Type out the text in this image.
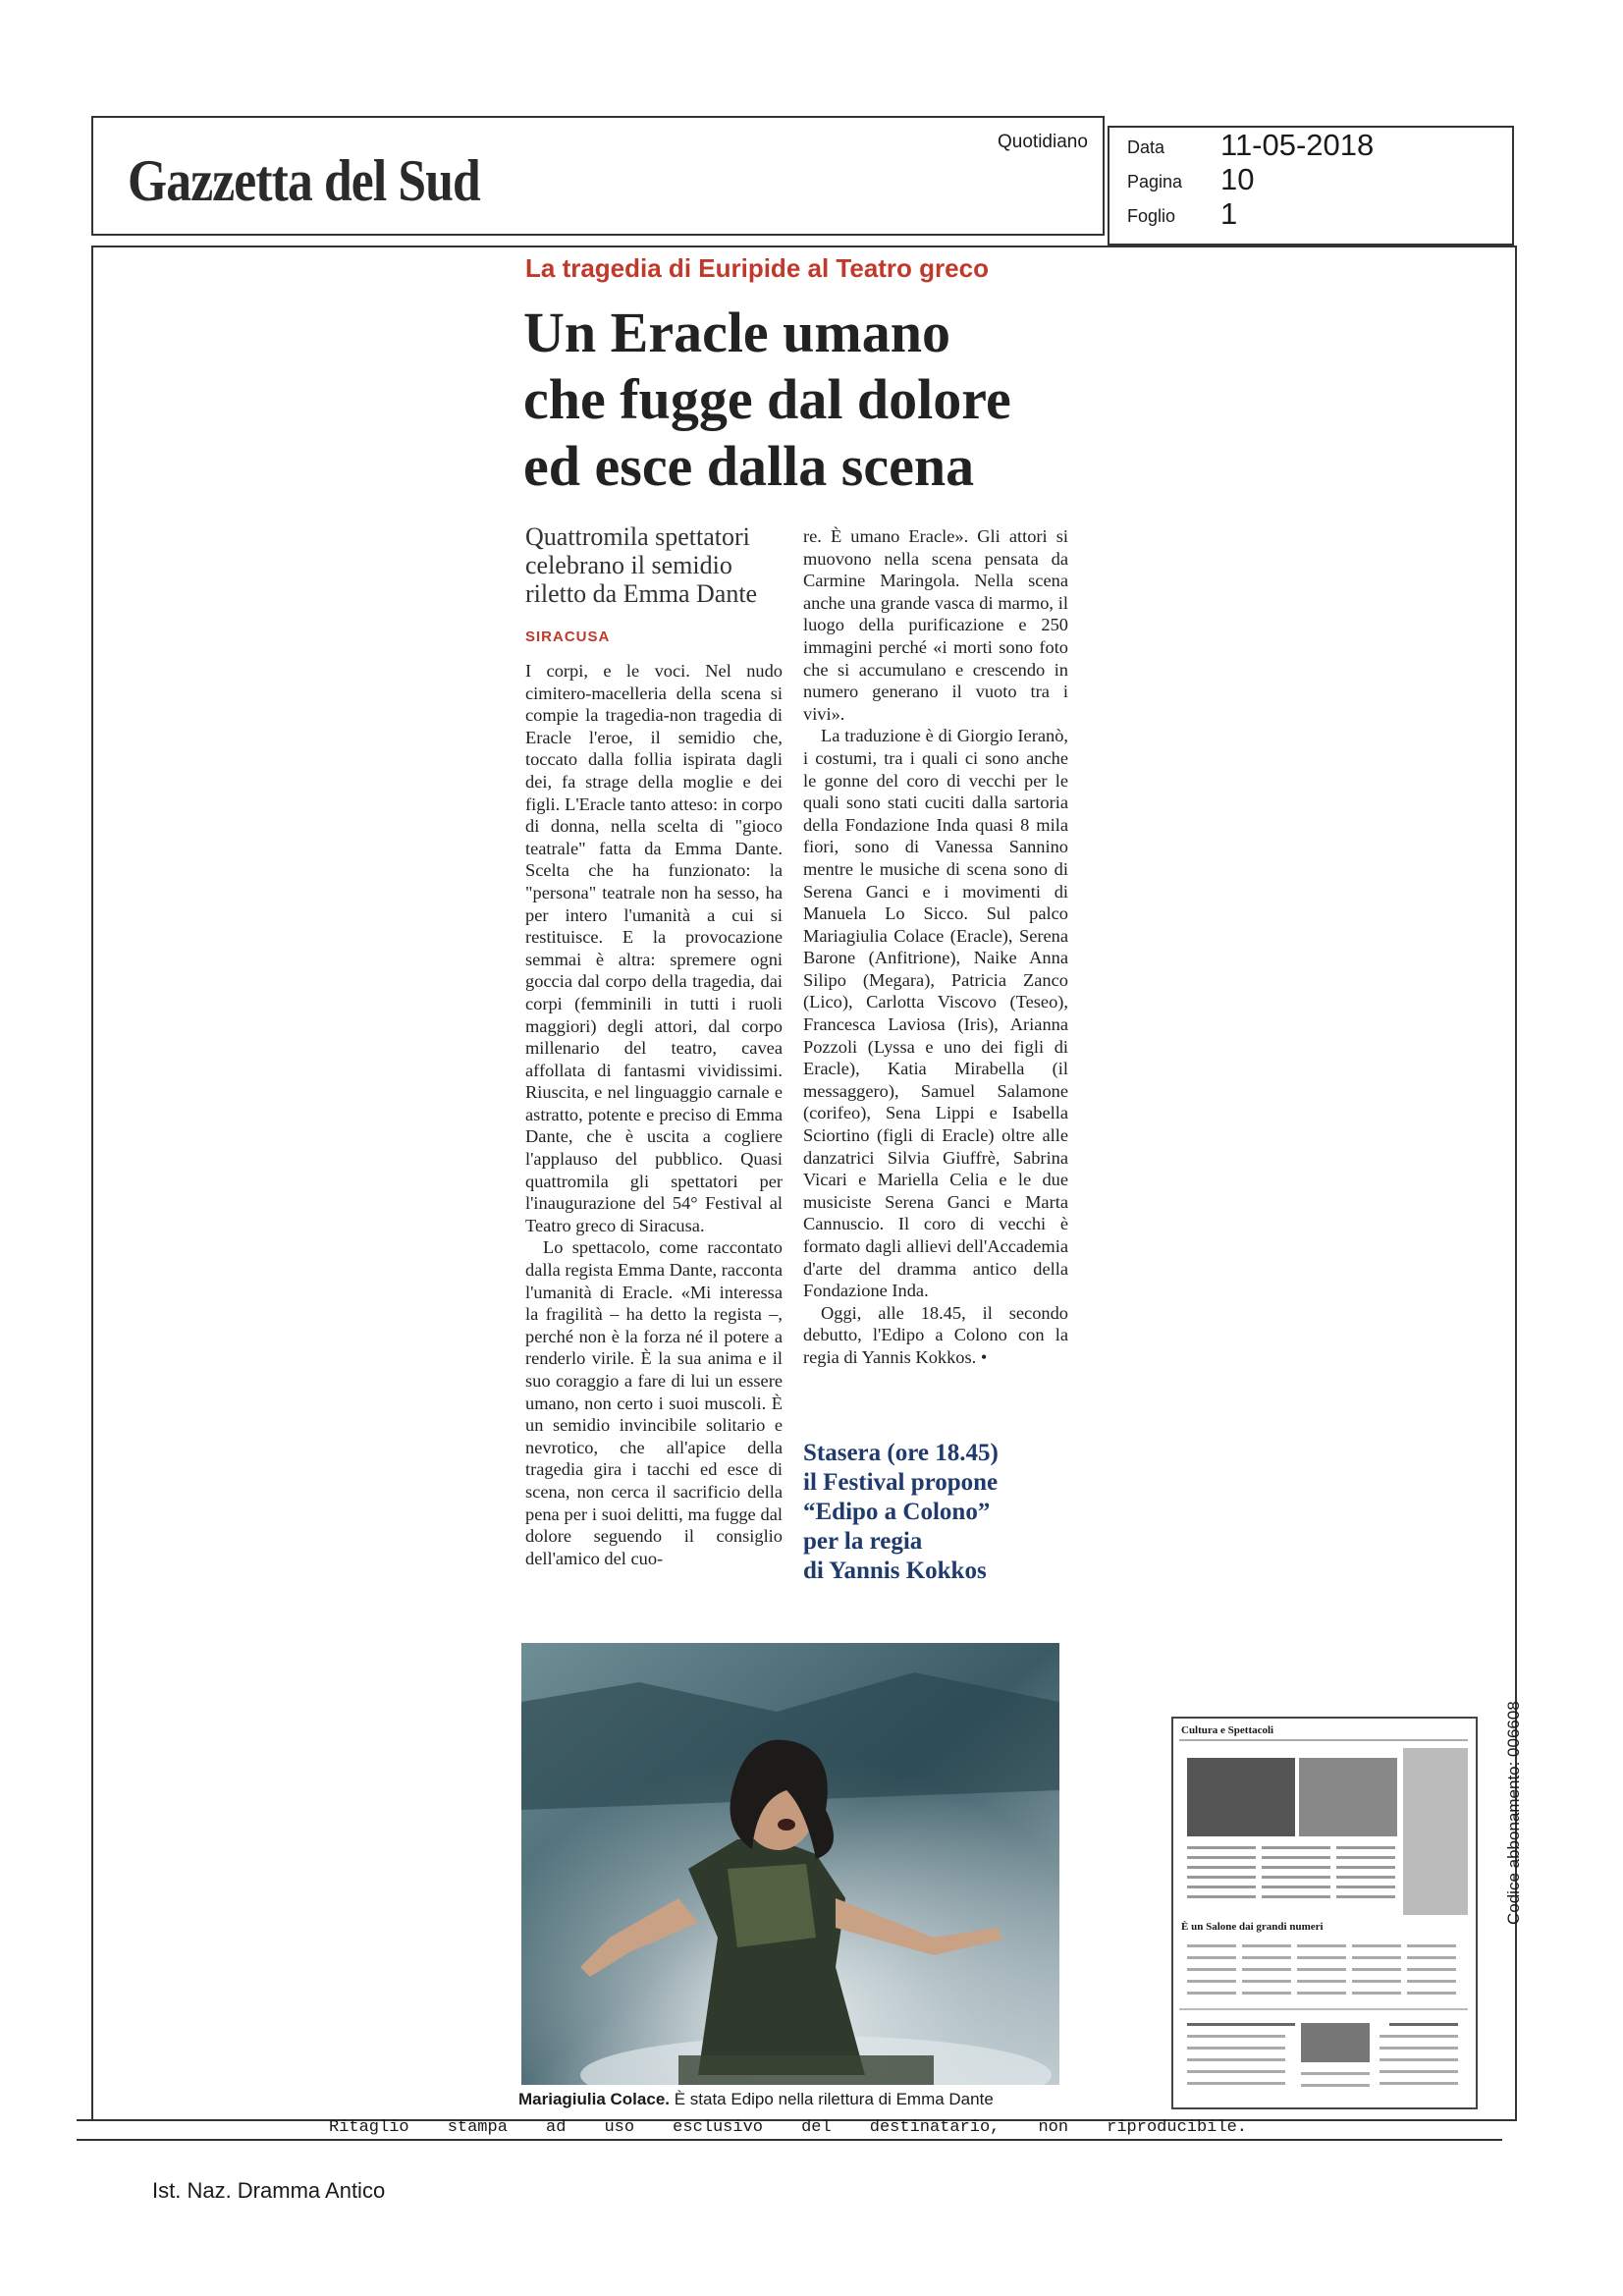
Gazzetta del Sud
Quotidiano Data 11-05-2018
Pagina 10
Foglio 1
La tragedia di Euripide al Teatro greco
Un Eracle umano
che fugge dal dolore
ed esce dalla scena
Quattromila spettatori
celebrano il semidio
riletto da Emma Dante
SIRACUSA

I corpi, e le voci. Nel nudo cimitero-macelleria della scena si compie la tragedia-non tragedia di Eracle l'eroe, il semidio che, toccato dalla follia ispirata dagli dei, fa strage della moglie e dei figli. L'Eracle tanto atteso: in corpo di donna, nella scelta di "gioco teatrale" fatta da Emma Dante. Scelta che ha funzionato: la "persona" teatrale non ha sesso, ha per intero l'umanità a cui si restituisce. E la provocazione semmai è altra: spremere ogni goccia dal corpo della tragedia, dai corpi (femminili in tutti i ruoli maggiori) degli attori, dal corpo millenario del teatro, cavea affollata di fantasmi vividissimi. Riuscita, e nel linguaggio carnale e astratto, potente e preciso di Emma Dante, che è uscita a cogliere l'applauso del pubblico. Quasi quattromila gli spettatori per l'inaugurazione del 54° Festival al Teatro greco di Siracusa.

Lo spettacolo, come raccontato dalla regista Emma Dante, racconta l'umanità di Eracle. «Mi interessa la fragilità – ha detto la regista –, perché non è la forza né il potere a renderlo virile. È la sua anima e il suo coraggio a fare di lui un essere umano, non certo i suoi muscoli. È un semidio invincibile solitario e nevrotico, che all'apice della tragedia gira i tacchi ed esce di scena, non cerca il sacrificio della pena per i suoi delitti, ma fugge dal dolore seguendo il consiglio dell'amico del cuo-

re. È umano Eracle». Gli attori si muovono nella scena pensata da Carmine Maringola. Nella scena anche una grande vasca di marmo, il luogo della purificazione e 250 immagini perché «i morti sono foto che si accumulano e crescendo in numero generano il vuoto tra i vivi».

La traduzione è di Giorgio Ieranò, i costumi, tra i quali ci sono anche le gonne del coro di vecchi per le quali sono stati cuciti dalla sartoria della Fondazione Inda quasi 8 mila fiori, sono di Vanessa Sannino mentre le musiche di scena sono di Serena Ganci e i movimenti di Manuela Lo Sicco. Sul palco Mariagiulia Colace (Eracle), Serena Barone (Anfitrione), Naike Anna Silipo (Megara), Patricia Zanco (Lico), Carlotta Viscovo (Teseo), Francesca Laviosa (Iris), Arianna Pozzoli (Lyssa e uno dei figli di Eracle), Katia Mirabella (il messaggero), Samuel Salamone (corifeo), Sena Lippi e Isabella Sciortino (figli di Eracle) oltre alle danzatrici Silvia Giuffrè, Sabrina Vicari e Mariella Celia e le due musiciste Serena Ganci e Marta Cannuscio. Il coro di vecchi è formato dagli allievi dell'Accademia d'arte del dramma antico della Fondazione Inda.

Oggi, alle 18.45, il secondo debutto, l'Edipo a Colono con la regia di Yannis Kokkos. •

Stasera (ore 18.45)
il Festival propone
“Edipo a Colono”
per la regia
di Yannis Kokkos
Mariagiulia Colace. È stata Edipo nella rilettura di Emma Dante
Cultura e Spettacoli
È un Salone dai grandi numeri
Codice abbonamento: 006608
Ritaglio stampa ad uso esclusivo del destinatario, non riproducibile.
Ist. Naz. Dramma Antico
